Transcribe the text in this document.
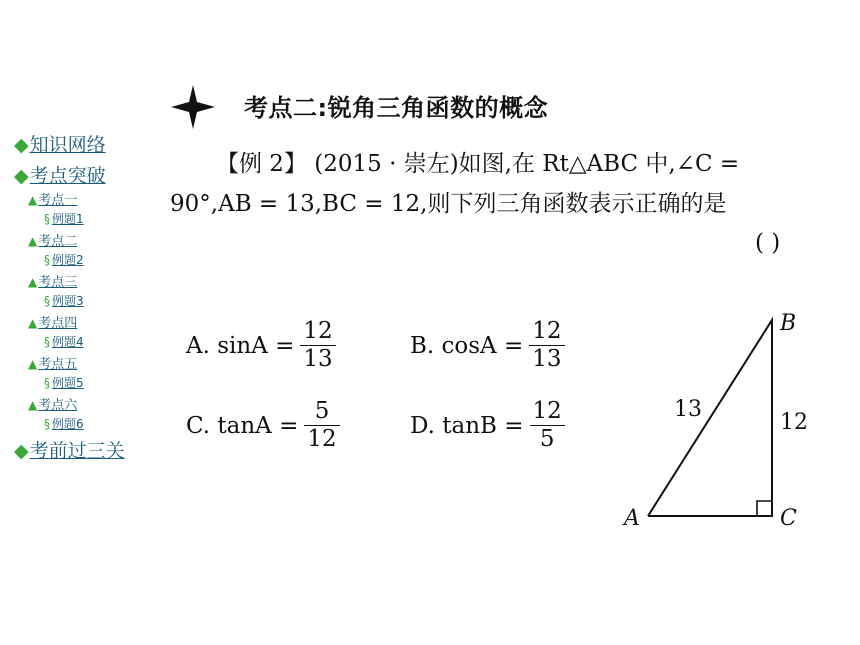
◆知识网络
◆考点突破
▲考点一
§ 例题1
▲考点二
§ 例题2
▲考点三
§ 例题3
▲考点四
§ 例题4
▲考点五
§ 例题5
▲考点六
§ 例题6
◆考前过三关
考点二:锐角三角函数的概念
【例 2】 (2015 · 崇左)如图,在 Rt△ABC 中,∠C =
90°,AB = 13,BC = 12,则下列三角函数表示正确的是
( )
A. $\sin A = \frac{12}{13}$	B. $\cos A = \frac{12}{13}$
C. $\tan A = \frac{5}{12}$	D. $\tan B = \frac{12}{5}$
A
B
C
13
12
